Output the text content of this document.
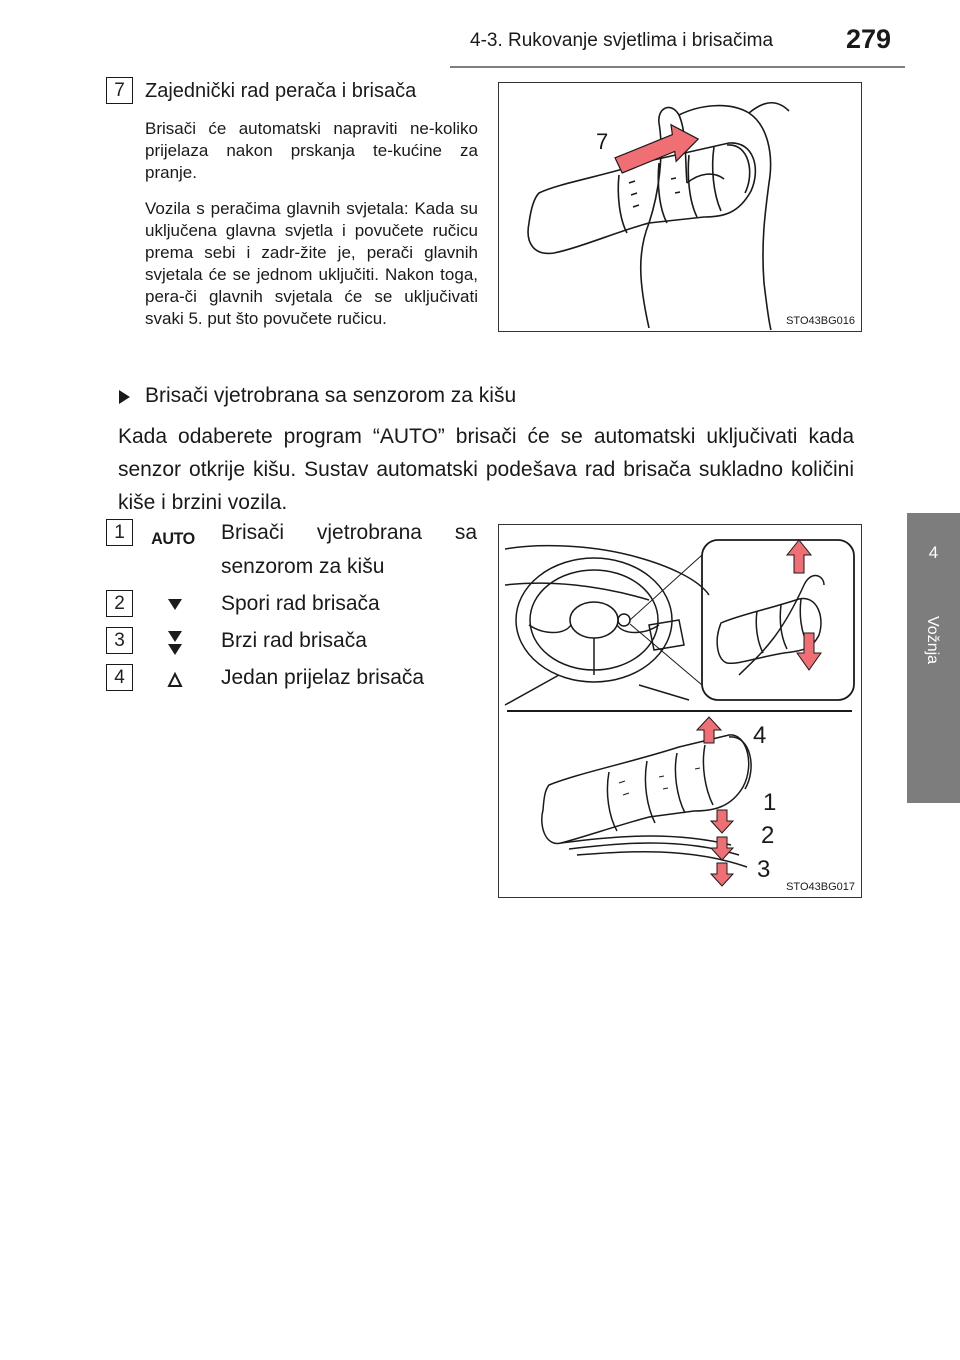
4-3. Rukovanje svjetlima i brisačima	279
4
Vožnja
7	Zajednički rad perača i brisača
Brisači će automatski napraviti ne-koliko prijelaza nakon prskanja te-kućine za pranje.
Vozila s peračima glavnih svjetala: Kada su uključena glavna svjetla i povučete ručicu prema sebi i zadr-žite je, perači glavnih svjetala će se jednom uključiti. Nakon toga, pera-či glavnih svjetala će se uključivati svaki 5. put što povučete ručicu.
7
STO43BG016
Brisači vjetrobrana sa senzorom za kišu
Kada odaberete program “AUTO” brisači će se automatski uključivati kada senzor otkrije kišu. Sustav automatski podešava rad brisača sukladno količini kiše i brzini vozila.
1	AUTO Brisači vjetrobrana sa
senzorom za kišu
2	Spori rad brisača
3	Brzi rad brisača
4	Jedan prijelaz brisača
4
1
2
3
STO43BG017
